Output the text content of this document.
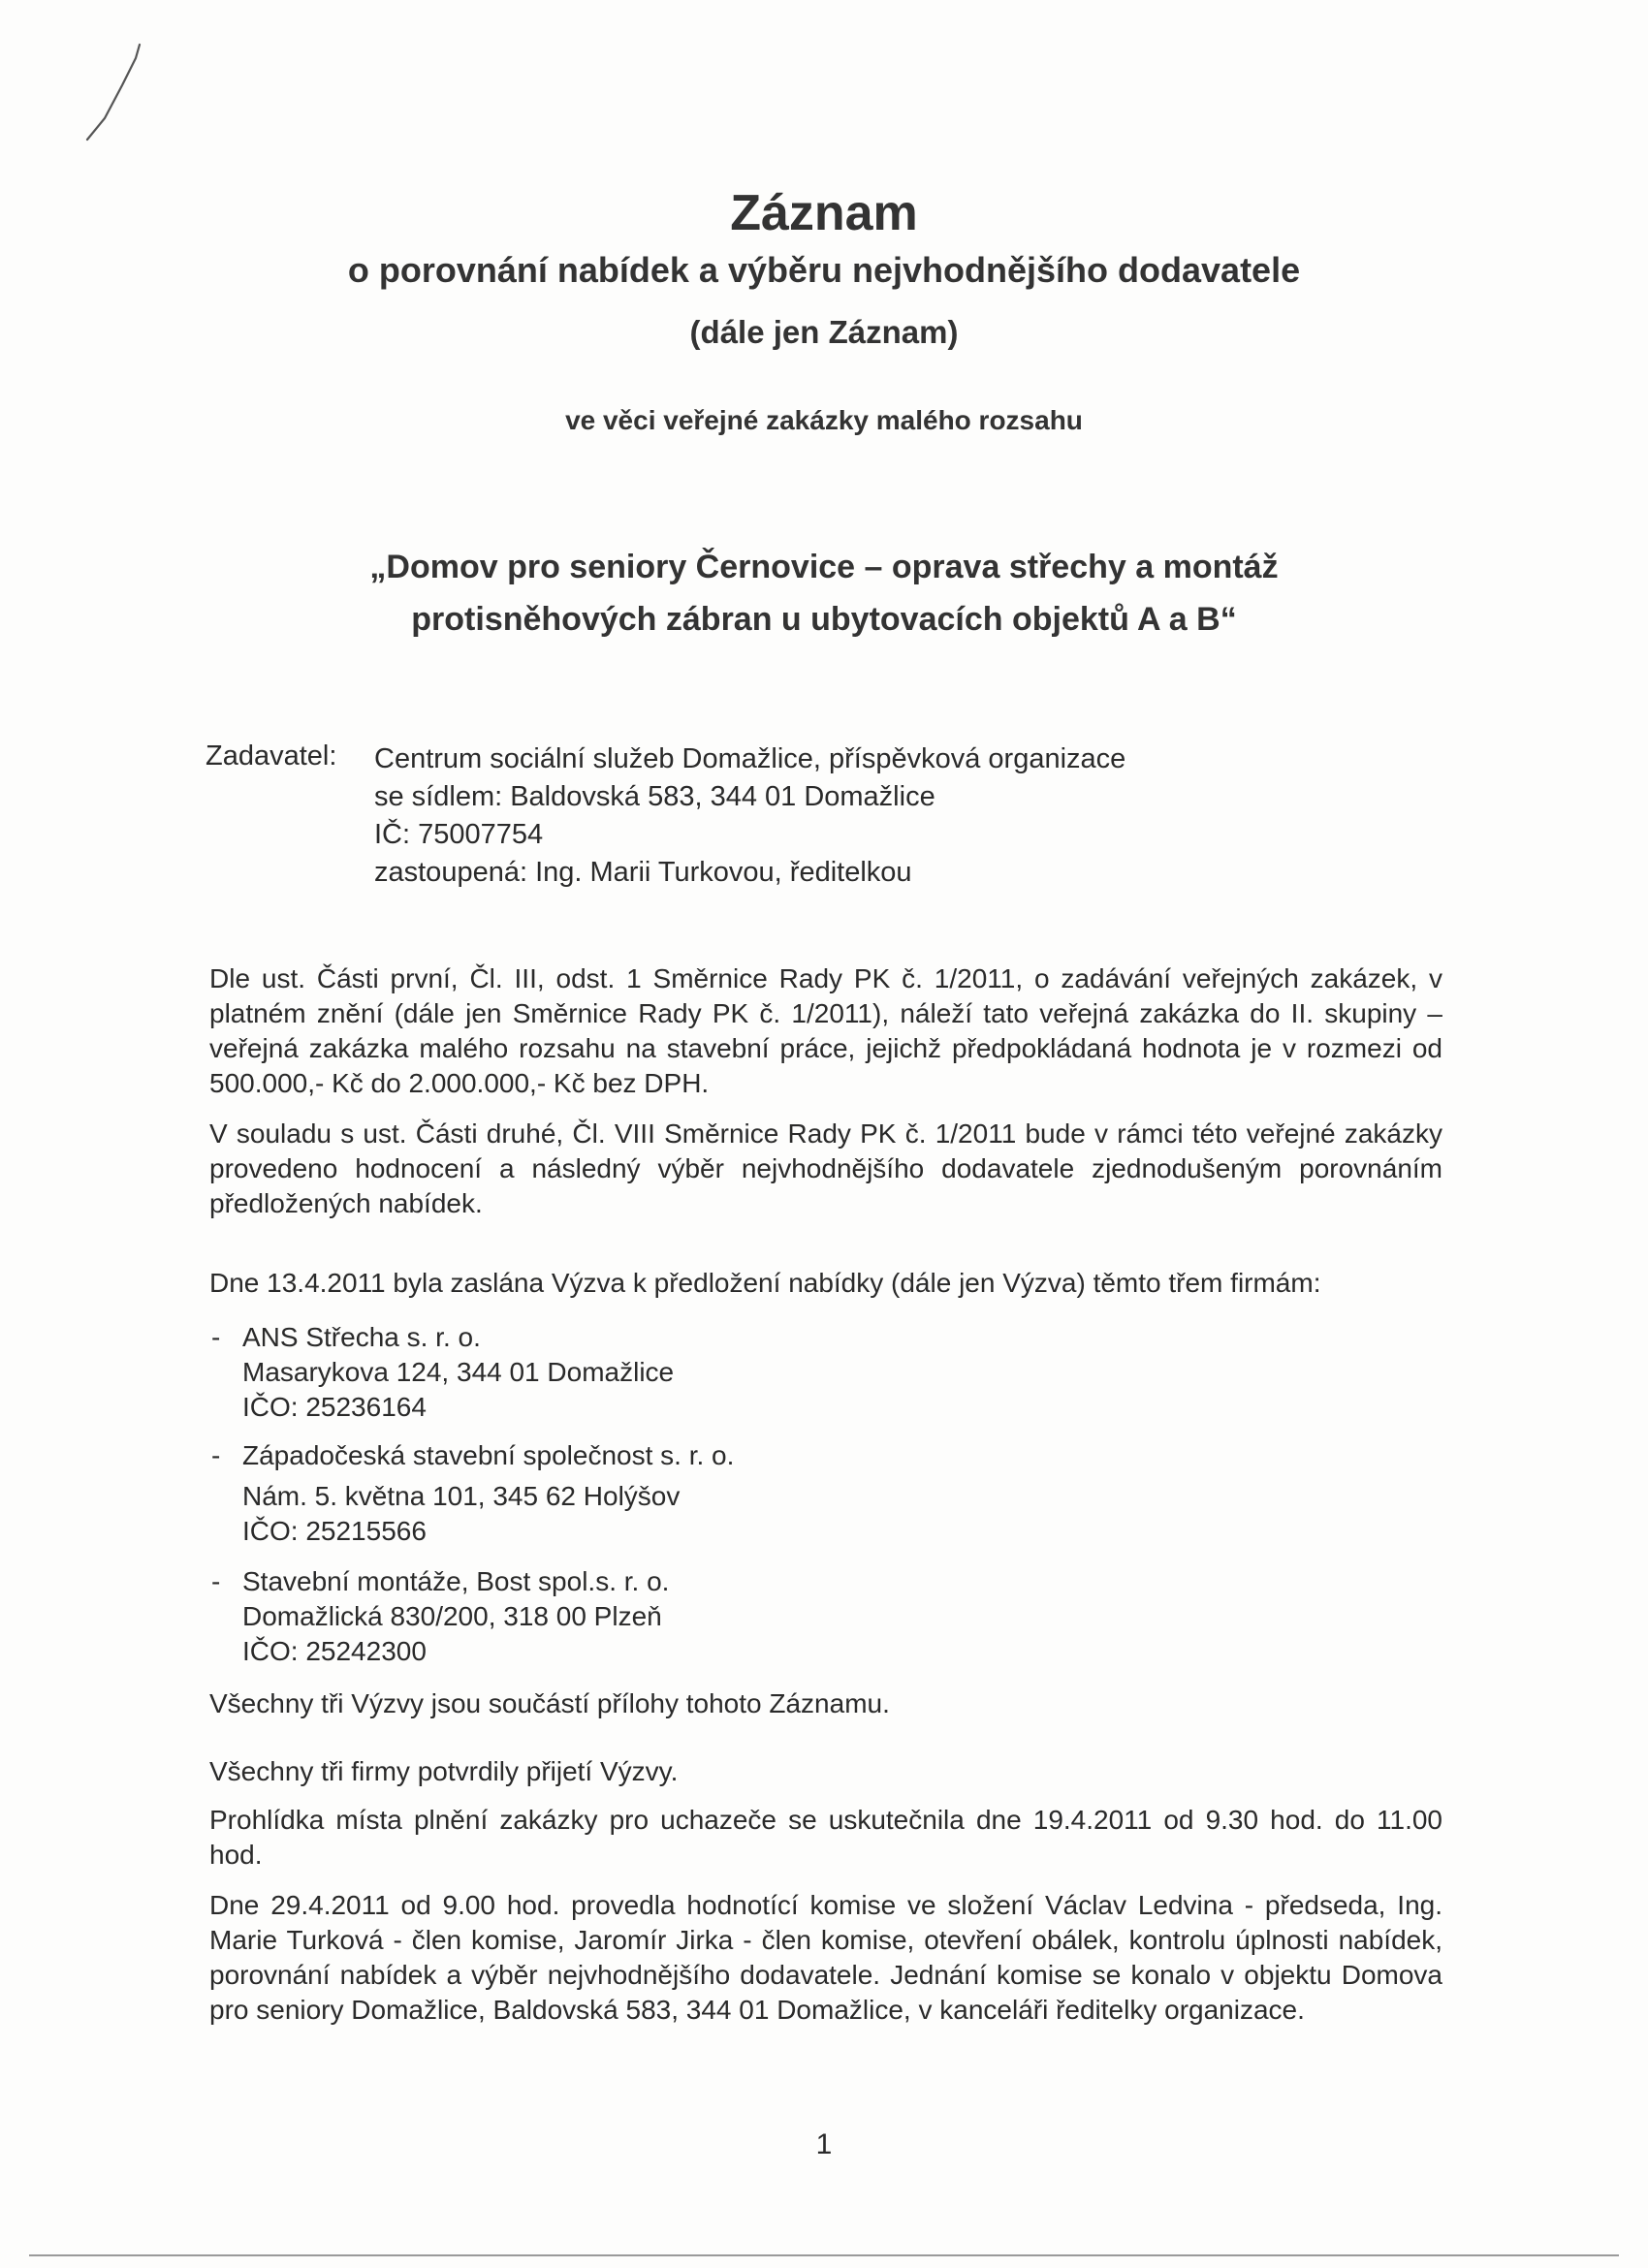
Záznam
o porovnání nabídek a výběru nejvhodnějšího dodavatele
(dále jen Záznam)
ve věci veřejné zakázky malého rozsahu
„Domov pro seniory Černovice – oprava střechy a montáž
protisněhových zábran u ubytovacích objektů A a B“
Zadavatel: Centrum sociální služeb Domažlice, příspěvková organizace
se sídlem: Baldovská 583, 344 01 Domažlice
IČ: 75007754
zastoupená: Ing. Marii Turkovou, ředitelkou
Dle ust. Části první, Čl. III, odst. 1 Směrnice Rady PK č. 1/2011, o zadávání veřejných zakázek, v platném znění (dále jen Směrnice Rady PK č. 1/2011), náleží tato veřejná zakázka do II. skupiny – veřejná zakázka malého rozsahu na stavební práce, jejichž předpokládaná hodnota je v rozmezi od 500.000,- Kč do 2.000.000,- Kč bez DPH.
V souladu s ust. Části druhé, Čl. VIII Směrnice Rady PK č. 1/2011 bude v rámci této veřejné zakázky provedeno hodnocení a následný výběr nejvhodnějšího dodavatele zjednodušeným porovnáním předložených nabídek.
Dne 13.4.2011 byla zaslána Výzva k předložení nabídky (dále jen Výzva) těmto třem firmám:
- ANS Střecha s. r. o.
Masarykova 124, 344 01 Domažlice
IČO: 25236164
- Západočeská stavební společnost s. r. o.
Nám. 5. května 101, 345 62 Holýšov
IČO: 25215566
- Stavební montáže, Bost spol.s. r. o.
Domažlická 830/200, 318 00 Plzeň
IČO: 25242300
Všechny tři Výzvy jsou součástí přílohy tohoto Záznamu.
Všechny tři firmy potvrdily přijetí Výzvy.
Prohlídka místa plnění zakázky pro uchazeče se uskutečnila dne 19.4.2011 od 9.30 hod. do 11.00 hod.
Dne 29.4.2011 od 9.00 hod. provedla hodnotící komise ve složení Václav Ledvina - předseda, Ing. Marie Turková - člen komise, Jaromír Jirka - člen komise, otevření obálek, kontrolu úplnosti nabídek, porovnání nabídek a výběr nejvhodnějšího dodavatele. Jednání komise se konalo v objektu Domova pro seniory Domažlice, Baldovská 583, 344 01 Domažlice, v kanceláři ředitelky organizace.
1
